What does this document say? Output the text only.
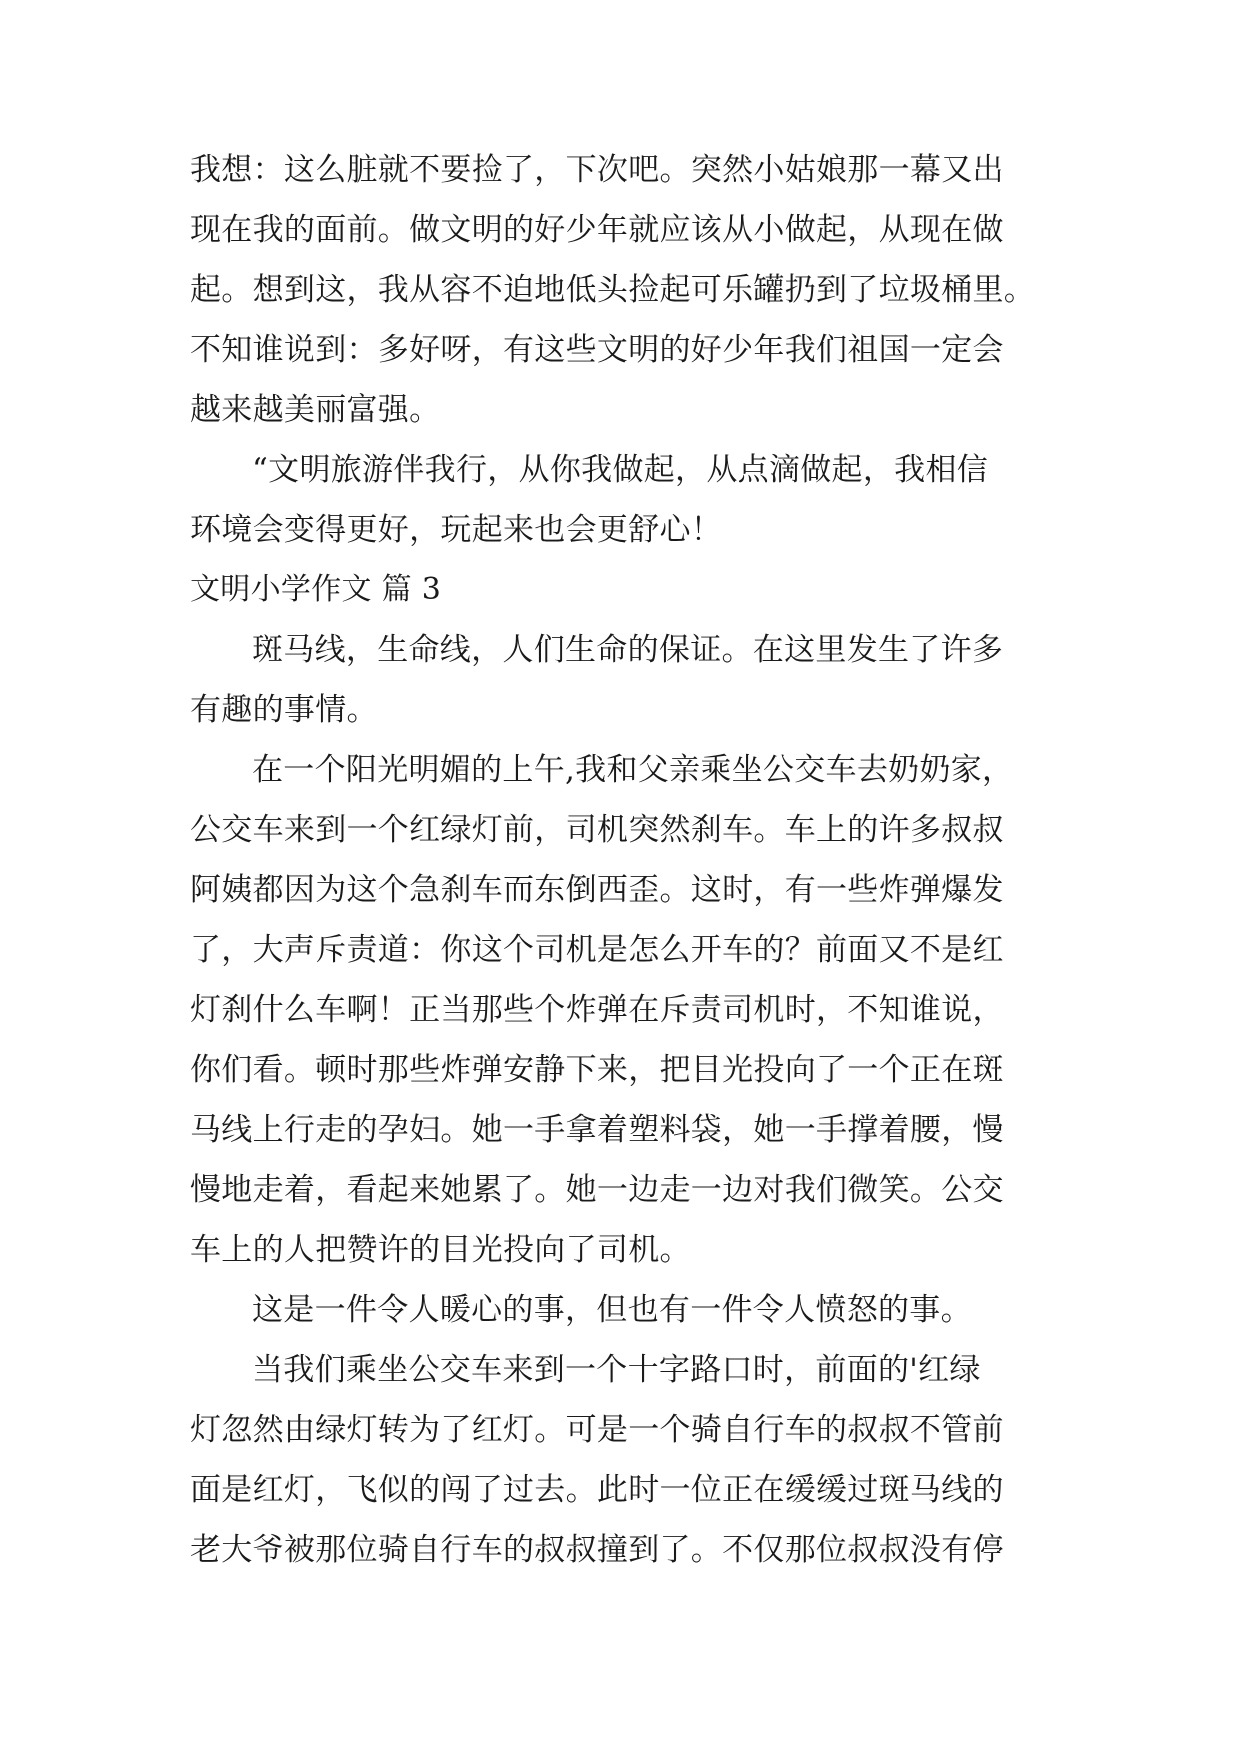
我想：这么脏就不要捡了，下次吧。突然小姑娘那一幕又出
现在我的面前。做文明的好少年就应该从小做起，从现在做
起。想到这，我从容不迫地低头捡起可乐罐扔到了垃圾桶里。
不知谁说到：多好呀，有这些文明的好少年我们祖国一定会
越来越美丽富强。
“文明旅游伴我行，从你我做起，从点滴做起，我相信
环境会变得更好，玩起来也会更舒心！
文明小学作文 篇 3
斑马线，生命线，人们生命的保证。在这里发生了许多
有趣的事情。
在一个阳光明媚的上午,我和父亲乘坐公交车去奶奶家，
公交车来到一个红绿灯前，司机突然刹车。车上的许多叔叔
阿姨都因为这个急刹车而东倒西歪。这时，有一些炸弹爆发
了，大声斥责道：你这个司机是怎么开车的？前面又不是红
灯刹什么车啊！正当那些个炸弹在斥责司机时，不知谁说，
你们看。顿时那些炸弹安静下来，把目光投向了一个正在斑
马线上行走的孕妇。她一手拿着塑料袋，她一手撑着腰，慢
慢地走着，看起来她累了。她一边走一边对我们微笑。公交
车上的人把赞许的目光投向了司机。
这是一件令人暖心的事，但也有一件令人愤怒的事。
当我们乘坐公交车来到一个十字路口时，前面的'红绿
灯忽然由绿灯转为了红灯。可是一个骑自行车的叔叔不管前
面是红灯，飞似的闯了过去。此时一位正在缓缓过斑马线的
老大爷被那位骑自行车的叔叔撞到了。不仅那位叔叔没有停
